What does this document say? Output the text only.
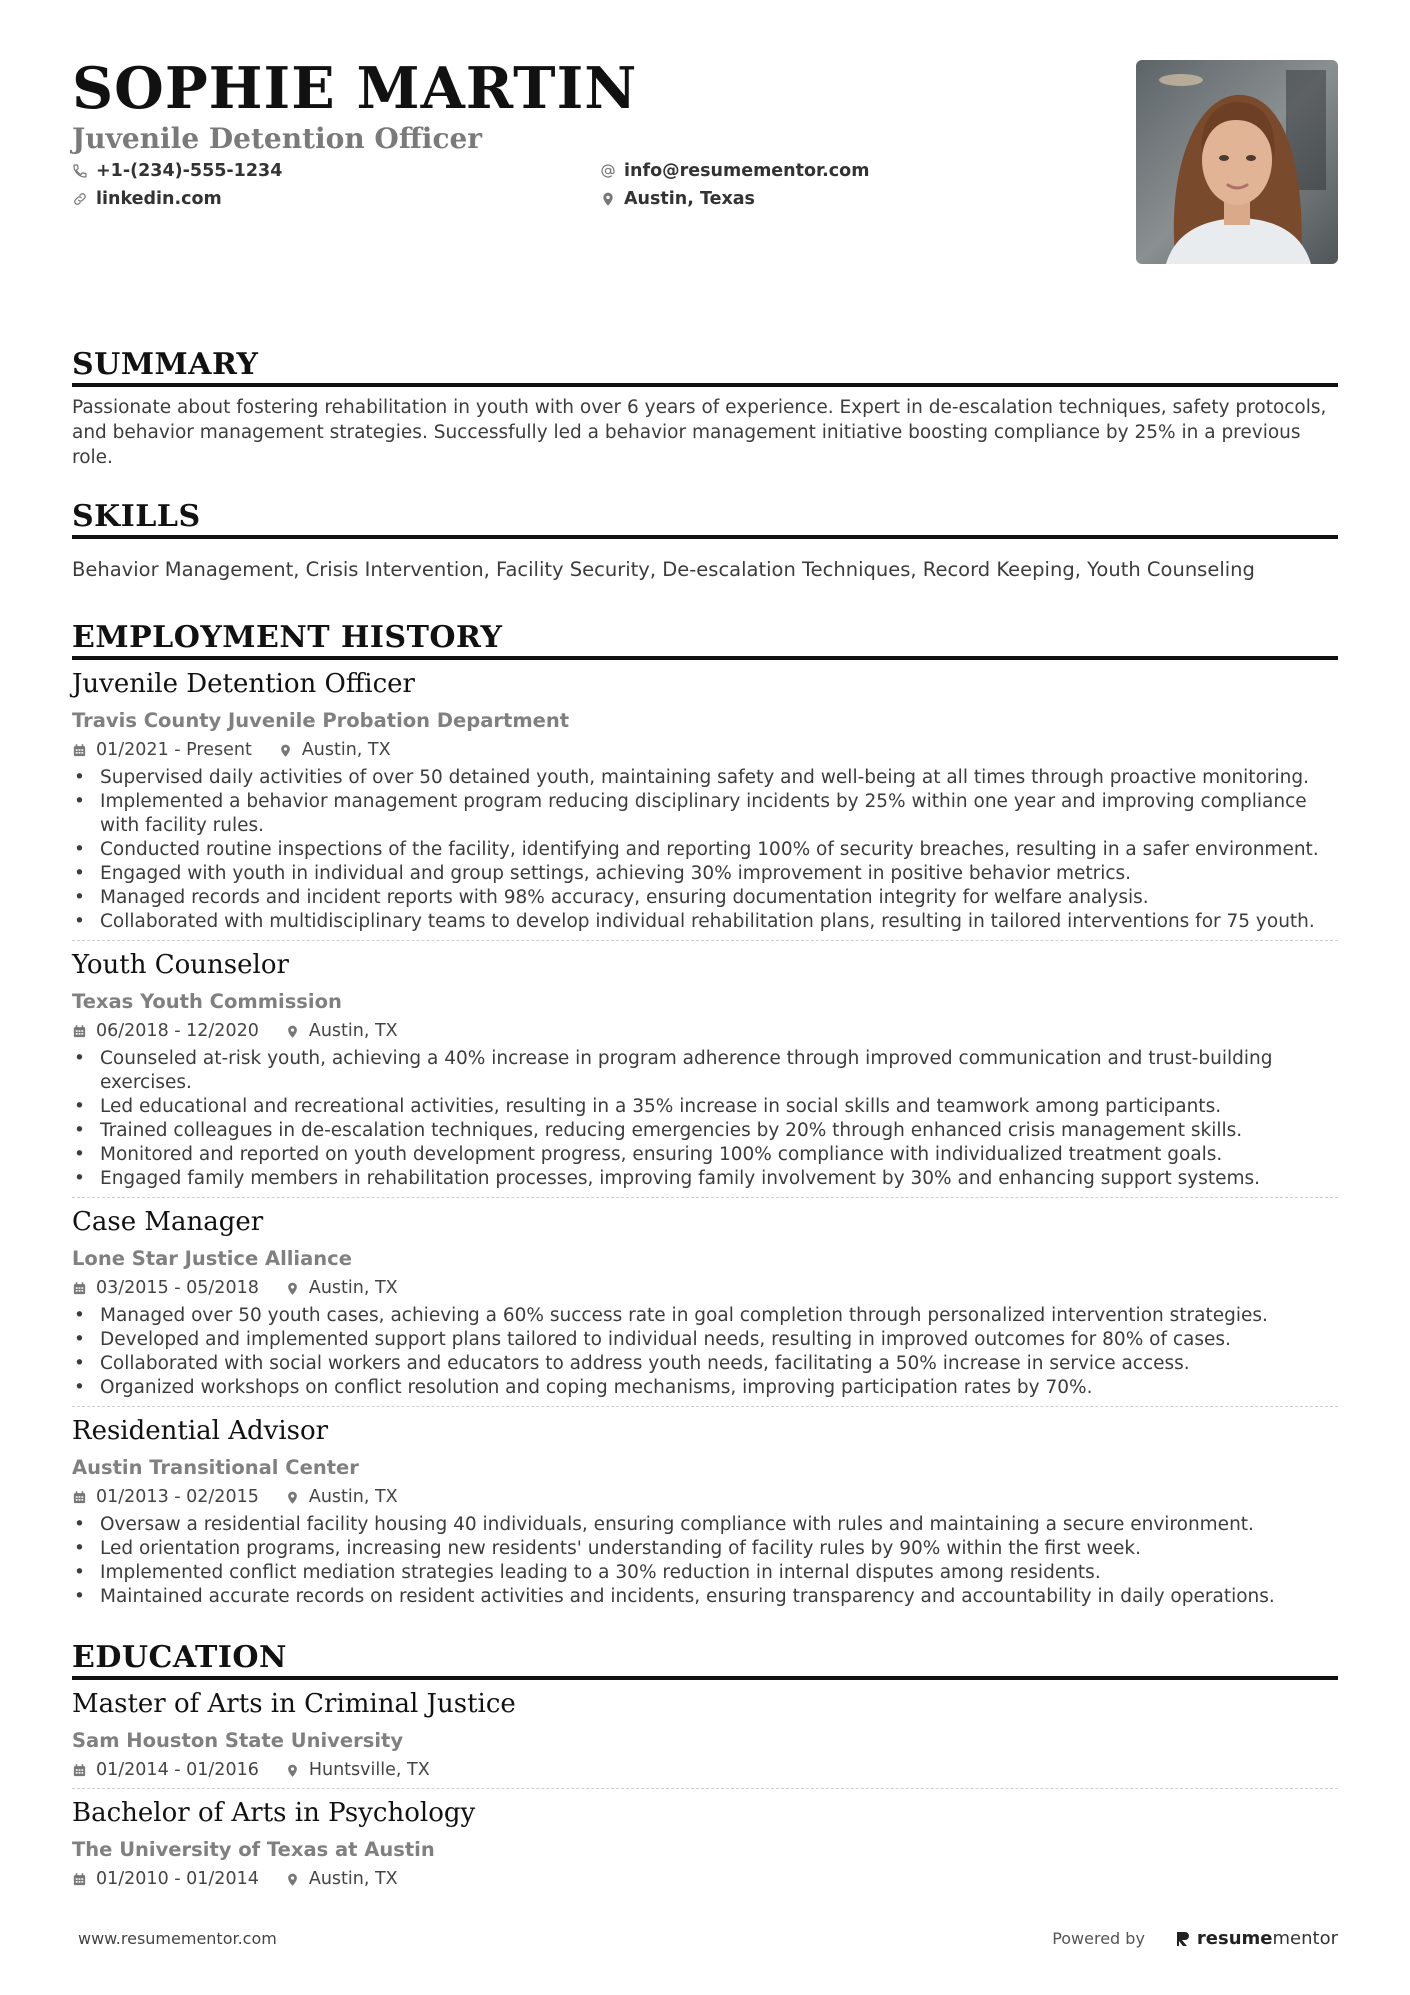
SOPHIE MARTIN
Juvenile Detention Officer
+1-(234)-555-1234	info@resumementor.com
linkedin.com	Austin, Texas
SUMMARY
Passionate about fostering rehabilitation in youth with over 6 years of experience. Expert in de-escalation techniques, safety protocols, and behavior management strategies. Successfully led a behavior management initiative boosting compliance by 25% in a previous role.
SKILLS
Behavior Management, Crisis Intervention, Facility Security, De-escalation Techniques, Record Keeping, Youth Counseling
EMPLOYMENT HISTORY
Juvenile Detention Officer
Travis County Juvenile Probation Department
01/2021 - Present	Austin, TX
• Supervised daily activities of over 50 detained youth, maintaining safety and well-being at all times through proactive monitoring.
• Implemented a behavior management program reducing disciplinary incidents by 25% within one year and improving compliance with facility rules.
• Conducted routine inspections of the facility, identifying and reporting 100% of security breaches, resulting in a safer environment.
• Engaged with youth in individual and group settings, achieving 30% improvement in positive behavior metrics.
• Managed records and incident reports with 98% accuracy, ensuring documentation integrity for welfare analysis.
• Collaborated with multidisciplinary teams to develop individual rehabilitation plans, resulting in tailored interventions for 75 youth.
Youth Counselor
Texas Youth Commission
06/2018 - 12/2020	Austin, TX
• Counseled at-risk youth, achieving a 40% increase in program adherence through improved communication and trust-building exercises.
• Led educational and recreational activities, resulting in a 35% increase in social skills and teamwork among participants.
• Trained colleagues in de-escalation techniques, reducing emergencies by 20% through enhanced crisis management skills.
• Monitored and reported on youth development progress, ensuring 100% compliance with individualized treatment goals.
• Engaged family members in rehabilitation processes, improving family involvement by 30% and enhancing support systems.
Case Manager
Lone Star Justice Alliance
03/2015 - 05/2018	Austin, TX
• Managed over 50 youth cases, achieving a 60% success rate in goal completion through personalized intervention strategies.
• Developed and implemented support plans tailored to individual needs, resulting in improved outcomes for 80% of cases.
• Collaborated with social workers and educators to address youth needs, facilitating a 50% increase in service access.
• Organized workshops on conflict resolution and coping mechanisms, improving participation rates by 70%.
Residential Advisor
Austin Transitional Center
01/2013 - 02/2015	Austin, TX
• Oversaw a residential facility housing 40 individuals, ensuring compliance with rules and maintaining a secure environment.
• Led orientation programs, increasing new residents' understanding of facility rules by 90% within the first week.
• Implemented conflict mediation strategies leading to a 30% reduction in internal disputes among residents.
• Maintained accurate records on resident activities and incidents, ensuring transparency and accountability in daily operations.
EDUCATION
Master of Arts in Criminal Justice
Sam Houston State University
01/2014 - 01/2016	Huntsville, TX
Bachelor of Arts in Psychology
The University of Texas at Austin
01/2010 - 01/2014	Austin, TX
www.resumementor.com	Powered by	resume mentor
